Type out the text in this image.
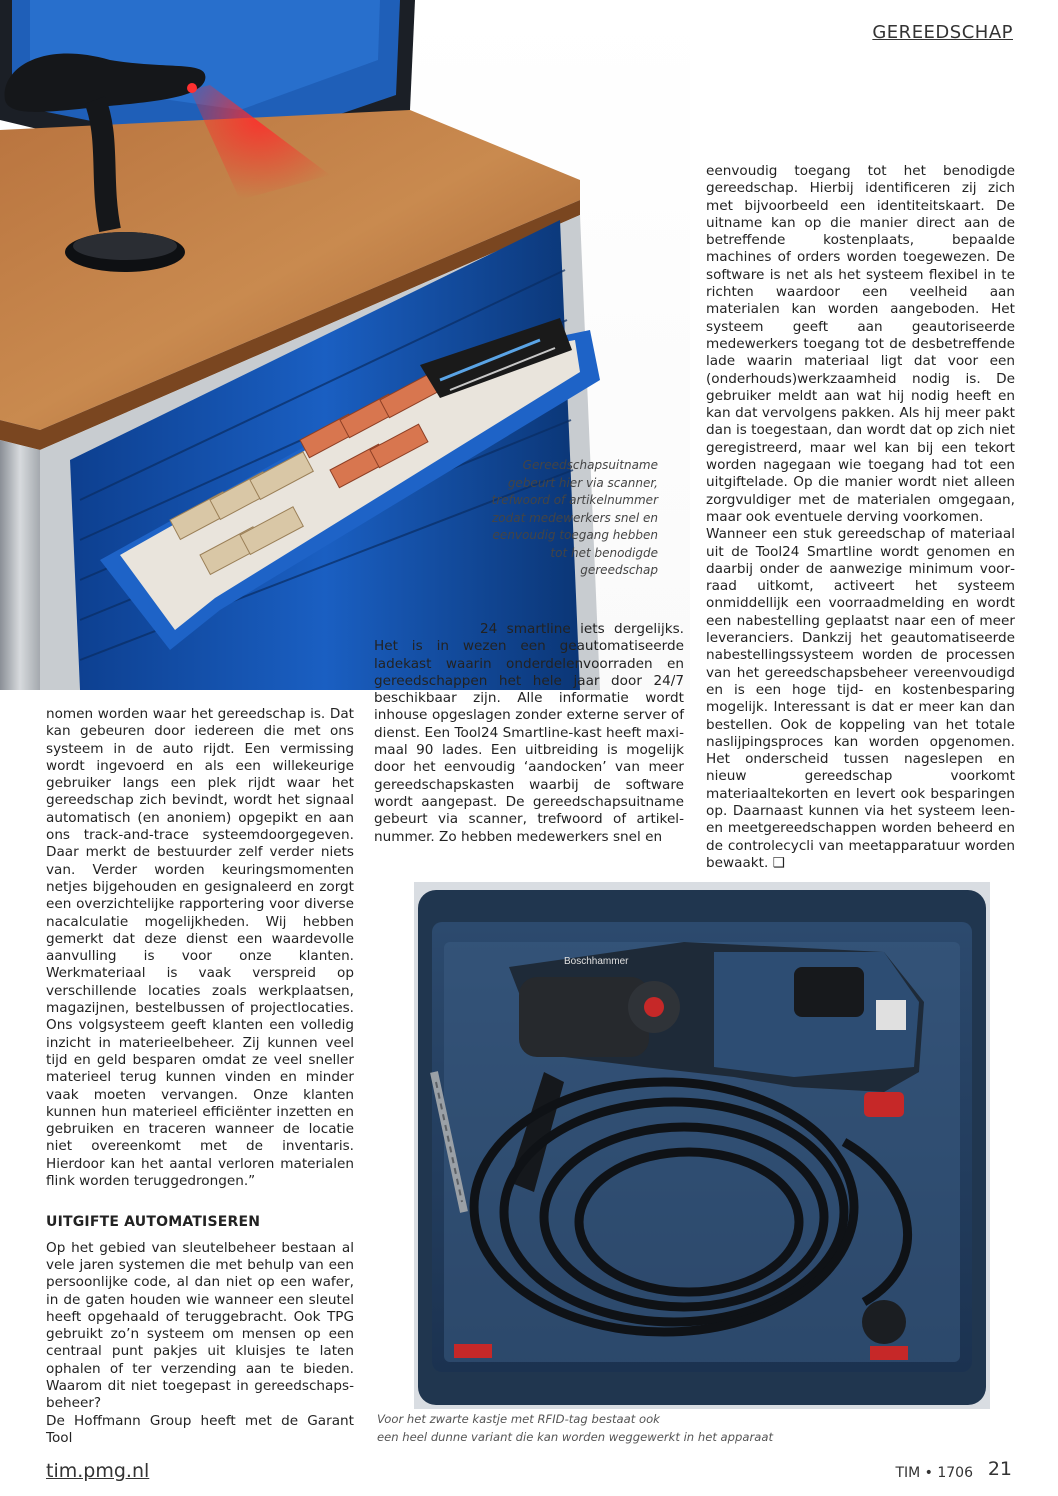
GEREEDSCHAP
Gereedschapsuitname gebeurt hier via scanner, trefwoord of artikelnummer zodat medewerkers snel en eenvoudig toegang hebben tot het benodigde gereedschap

eenvoudig toegang tot het benodigde gereedschap. Hierbij identificeren zij zich met bijvoorbeeld een identiteitskaart. De uitname kan op die manier direct aan de betreffende kostenplaats, bepaalde machines of orders worden toegewezen. De software is net als het systeem flexibel in te richten waardoor een veelheid aan materialen kan worden aangeboden. Het systeem geeft aan geautoriseerde medewerkers toegang tot de desbetreffende lade waarin materiaal ligt dat voor een (onderhouds)werkzaamheid nodig is. De gebruiker meldt aan wat hij nodig heeft en kan dat vervolgens pakken. Als hij meer pakt dan is toegestaan, dan wordt dat op zich niet geregistreerd, maar wel kan bij een tekort worden nagegaan wie toegang had tot een uitgiftelade. Op die manier wordt niet alleen zorgvuldiger met de materialen omgegaan, maar ook eventuele derving voorkomen.

Wanneer een stuk gereedschap of materiaal uit de Tool24 Smartline wordt genomen en daarbij onder de aanwezige minimum voorraad uitkomt, activeert het systeem onmiddellijk een voorraadmelding en wordt een nabestelling geplaatst naar een of meer leveranciers. Dankzij het geautomatiseerde nabestellingssysteem worden de processen van het gereedschapsbeheer vereenvoudigd en is een hoge tijd- en kostenbesparing mogelijk. Interessant is dat er meer kan dan bestellen. Ook de koppeling van het totale naslijpingsproces kan worden opgenomen. Het onderscheid tussen nageslepen en nieuw gereedschap voorkomt materiaaltekorten en levert ook besparingen op. Daarnaast kunnen via het systeem leen- en meetgereedschappen worden beheerd en de controlecycli van meetapparatuur worden bewaakt. ❑

24 smartline iets dergelijks. Het is in wezen een geautomatiseerde ladekast waarin onderdelenvoorraden en gereedschappen het hele jaar door 24/7 beschikbaar zijn. Alle informatie wordt inhouse opgeslagen zonder externe server of dienst. Een Tool24 Smartline-kast heeft maximaal 90 lades. Een uitbreiding is mogelijk door het eenvoudig ‘aandocken’ van meer gereedschapskasten waarbij de software wordt aangepast. De gereedschapsuitname gebeurt via scanner, trefwoord of artikelnummer. Zo hebben medewerkers snel en

nomen worden waar het gereedschap is. Dat kan gebeuren door iedereen die met ons systeem in de auto rijdt. Een vermissing wordt ingevoerd en als een willekeurige gebruiker langs een plek rijdt waar het gereedschap zich bevindt, wordt het signaal automatisch (en anoniem) opgepikt en aan ons track-and-trace systeemdoorgegeven. Daar merkt de bestuurder zelf verder niets van. Verder worden keuringsmomenten netjes bijgehouden en gesignaleerd en zorgt een overzichtelijke rapportering voor diverse nacalculatie mogelijkheden. Wij hebben gemerkt dat deze dienst een waardevolle aanvulling is voor onze klanten. Werkmateriaal is vaak verspreid op verschillende locaties zoals werkplaatsen, magazijnen, bestelbussen of projectlocaties. Ons volgsysteem geeft klanten een volledig inzicht in materieelbeheer. Zij kunnen veel tijd en geld besparen omdat ze veel sneller materieel terug kunnen vinden en minder vaak moeten vervangen. Onze klanten kunnen hun materieel efficiënter inzetten en gebruiken en traceren wanneer de locatie niet overeenkomt met de inventaris. Hierdoor kan het aantal verloren materialen flink worden teruggedrongen.”

UITGIFTE AUTOMATISEREN

Op het gebied van sleutelbeheer bestaan al vele jaren systemen die met behulp van een persoonlijke code, al dan niet op een wafer, in de gaten houden wie wanneer een sleutel heeft opgehaald of teruggebracht. Ook TPG gebruikt zo’n systeem om mensen op een centraal punt pakjes uit kluisjes te laten ophalen of ter verzending aan te bieden. Waarom dit niet toegepast in gereedschapsbeheer?

De Hoffmann Group heeft met de Garant Tool

Boschhammer
Voor het zwarte kastje met RFID-tag bestaat ook
een heel dunne variant die kan worden weggewerkt in het apparaat
tim.pmg.nl	TIM • 1706 21
